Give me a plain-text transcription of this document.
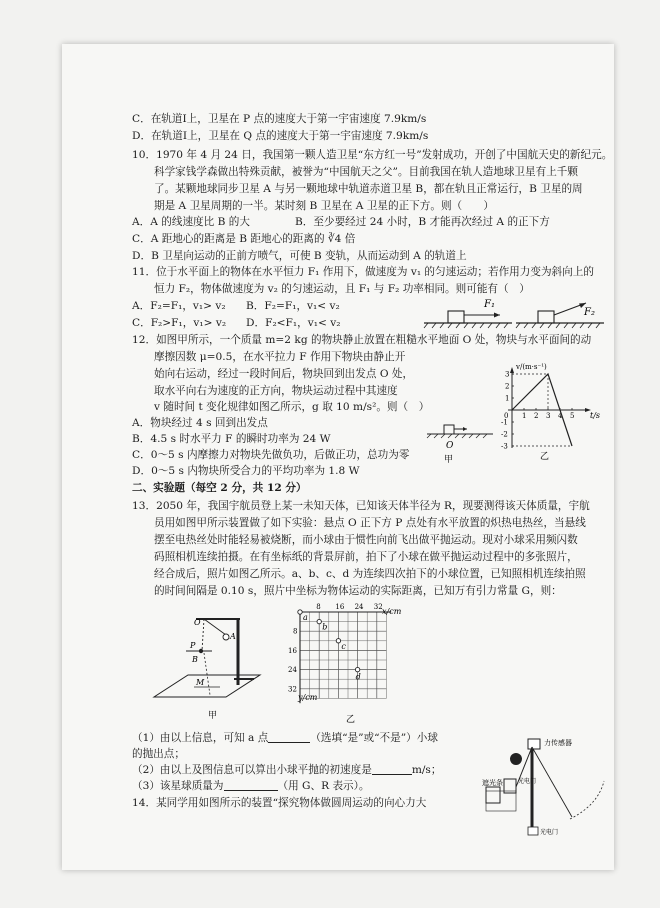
C．在轨道Ⅰ上，卫星在 P 点的速度大于第一宇宙速度 7.9km/s
D．在轨道Ⅰ上，卫星在 Q 点的速度大于第一宇宙速度 7.9km/s
10．1970 年 4 月 24 日，我国第一颗人造卫星“东方红一号”发射成功，开创了中国航天史的新纪元。
科学家钱学森做出特殊贡献，被誉为“中国航天之父”。目前我国在轨人造地球卫星有上千颗
了。某颗地球同步卫星 A 与另一颗地球中轨道赤道卫星 B，都在轨且正常运行，B 卫星的周
期是 A 卫星周期的一半。某时刻 B 卫星在 A 卫星的正下方。则（　　）
A．A 的线速度比 B 的大	B．至少要经过 24 小时，B 才能再次经过 A 的正下方
C．A 距地心的距离是 B 距地心的距离的 ∛4 倍
D．B 卫星向运动的正前方喷气，可使 B 变轨，从而运动到 A 的轨道上
11．位于水平面上的物体在水平恒力 F₁ 作用下，做速度为 v₁ 的匀速运动；若作用力变为斜向上的
恒力 F₂，物体做速度为 v₂ 的匀速运动，且 F₁ 与 F₂ 功率相同。则可能有（　）
A．F₂=F₁，v₁> v₂ B．F₂=F₁，v₁< v₂
C．F₂>F₁，v₁> v₂ D．F₂<F₁，v₁< v₂
12．如图甲所示，一个质量 m=2 kg 的物块静止放置在粗糙水平地面 O 处，物块与水平面间的动
摩擦因数 μ=0.5，在水平拉力 F 作用下物块由静止开
始向右运动，经过一段时间后，物块回到出发点 O 处，
取水平向右为速度的正方向，物块运动过程中其速度
v 随时间 t 变化规律如图乙所示，g 取 10 m/s²。则（　）
A．物块经过 4 s 回到出发点
B．4.5 s 时水平力 F 的瞬时功率为 24 W
C．0～5 s 内摩擦力对物块先做负功，后做正功，总功为零
D．0～5 s 内物块所受合力的平均功率为 1.8 W
二、实验题（每空 2 分，共 12 分）
13．2050 年，我国宇航员登上某一未知天体，已知该天体半径为 R，现要测得该天体质量，宇航
员用如图甲所示装置做了如下实验：悬点 O 正下方 P 点处有水平放置的炽热电热丝，当悬线
摆至电热丝处时能轻易被烧断，而小球由于惯性向前飞出做平抛运动。现对小球采用频闪数
码照相机连续拍摄。在有坐标纸的背景屏前，拍下了小球在做平抛运动过程中的多张照片，
经合成后，照片如图乙所示。a、b、c、d 为连续四次拍下的小球位置，已知照相机连续拍照
的时间间隔是 0.10 s，照片中坐标为物体运动的实际距离，已知万有引力常量 G，则：
（1）由以上信息，可知 a 点	（选填“是”或“不是”）小球
的抛出点；
（2）由以上及图信息可以算出小球平抛的初速度是	m/s；
（3）该星球质量为	（用 G、R 表示）。
14．某同学用如图所示的装置“探究物体做圆周运动的向心力大
F₁
F₂
O
甲
v/(m·s⁻¹)
t/s
0 1 2 3 4 5
3
2
1
-1
-2
-3
乙
O
A
P
B
M
甲
8 16 24 32
8
16
24
32
a
b
c
d
x/cm
y/cm
乙
力传感器
遮光条	光电门
光电门
